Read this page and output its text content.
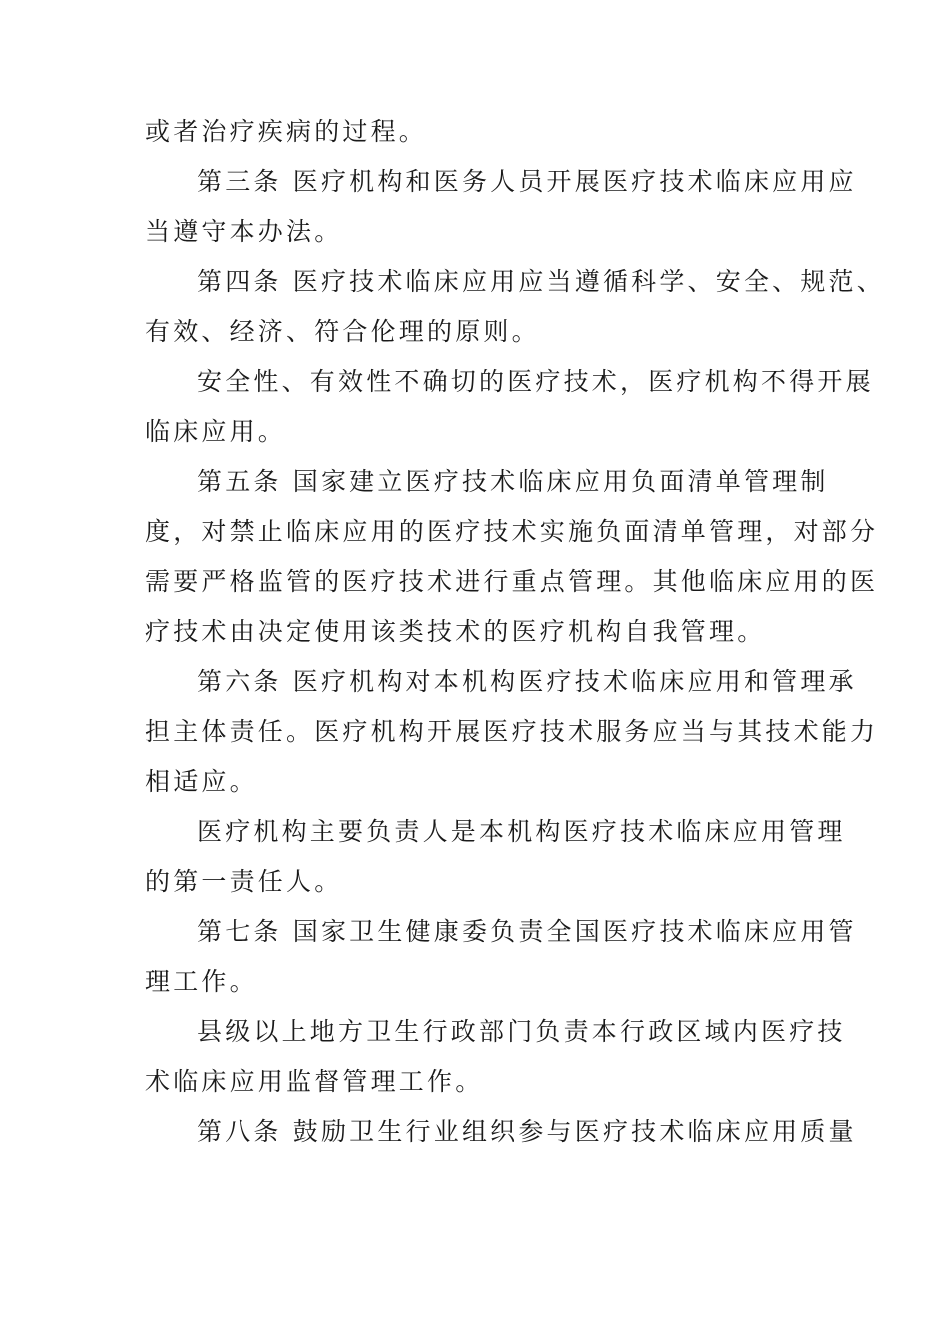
或者治疗疾病的过程。
第三条 医疗机构和医务人员开展医疗技术临床应用应
当遵守本办法。
第四条 医疗技术临床应用应当遵循科学、安全、规范、
有效、经济、符合伦理的原则。
安全性、有效性不确切的医疗技术，医疗机构不得开展
临床应用。
第五条 国家建立医疗技术临床应用负面清单管理制
度，对禁止临床应用的医疗技术实施负面清单管理，对部分
需要严格监管的医疗技术进行重点管理。其他临床应用的医
疗技术由决定使用该类技术的医疗机构自我管理。
第六条 医疗机构对本机构医疗技术临床应用和管理承
担主体责任。医疗机构开展医疗技术服务应当与其技术能力
相适应。
医疗机构主要负责人是本机构医疗技术临床应用管理
的第一责任人。
第七条 国家卫生健康委负责全国医疗技术临床应用管
理工作。
县级以上地方卫生行政部门负责本行政区域内医疗技
术临床应用监督管理工作。
第八条 鼓励卫生行业组织参与医疗技术临床应用质量
